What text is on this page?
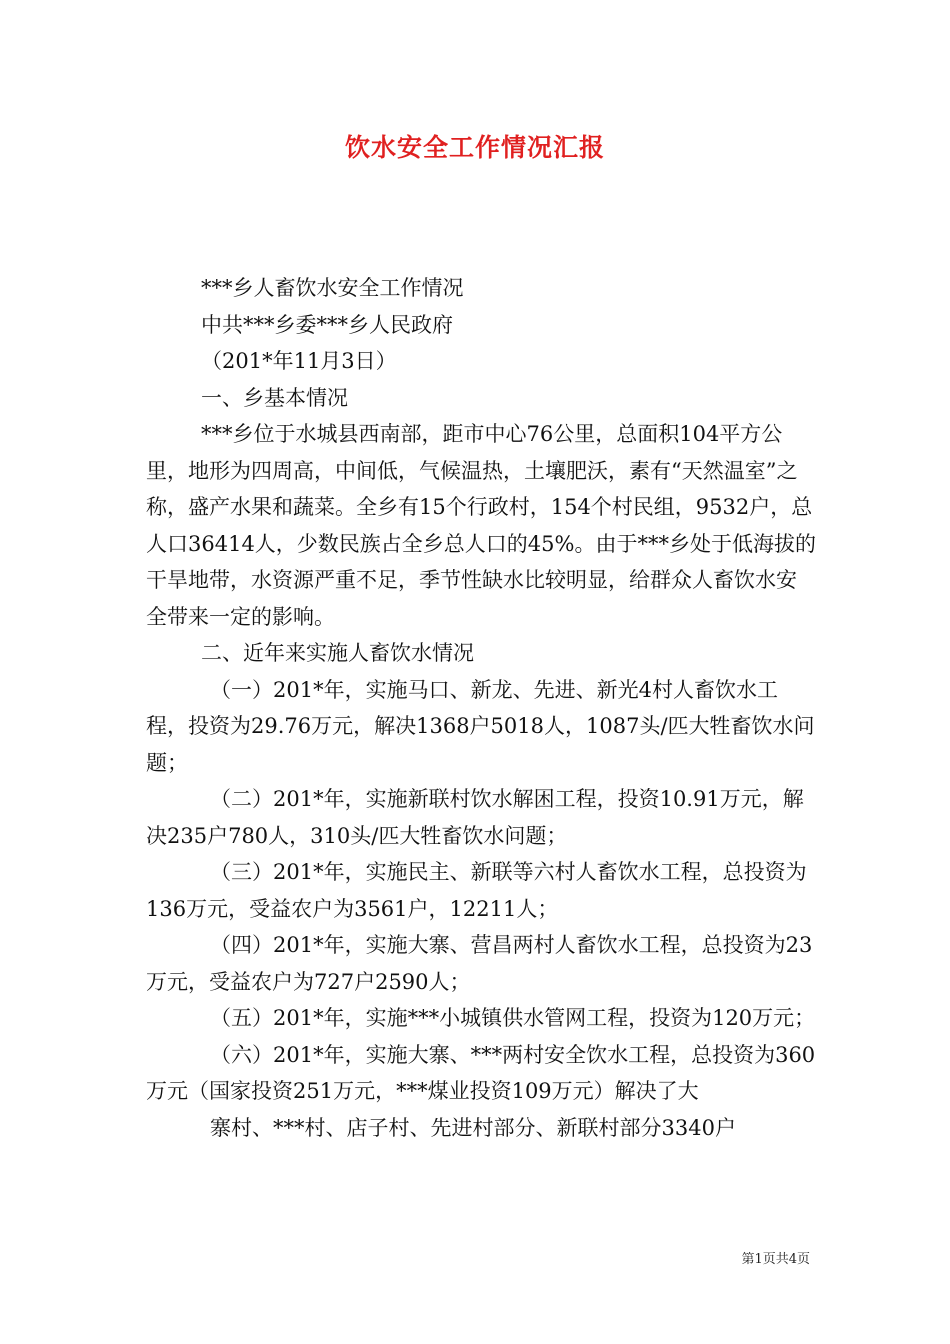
饮水安全工作情况汇报

***乡人畜饮水安全工作情况

中共***乡委***乡人民政府

（201*年11月3日）

一、乡基本情况

***乡位于水城县西南部，距市中心76公里，总面积104平方公里，地形为四周高，中间低，气候温热，土壤肥沃，素有“天然温室”之称，盛产水果和蔬菜。全乡有15个行政村，154个村民组，9532户，总人口36414人，少数民族占全乡总人口的45%。由于***乡处于低海拔的干旱地带，水资源严重不足，季节性缺水比较明显，给群众人畜饮水安全带来一定的影响。

二、近年来实施人畜饮水情况

（一）201*年，实施马口、新龙、先进、新光4村人畜饮水工程，投资为29.76万元，解决1368户5018人，1087头/匹大牲畜饮水问题；

（二）201*年，实施新联村饮水解困工程，投资10.91万元，解决235户780人，310头/匹大牲畜饮水问题；

（三）201*年，实施民主、新联等六村人畜饮水工程，总投资为136万元，受益农户为3561户，12211人；

（四）201*年，实施大寨、营昌两村人畜饮水工程，总投资为23万元，受益农户为727户2590人；

（五）201*年，实施***小城镇供水管网工程，投资为120万元；

（六）201*年，实施大寨、***两村安全饮水工程，总投资为360万元（国家投资251万元，***煤业投资109万元）解决了大

寨村、***村、店子村、先进村部分、新联村部分3340户

第1页共4页
